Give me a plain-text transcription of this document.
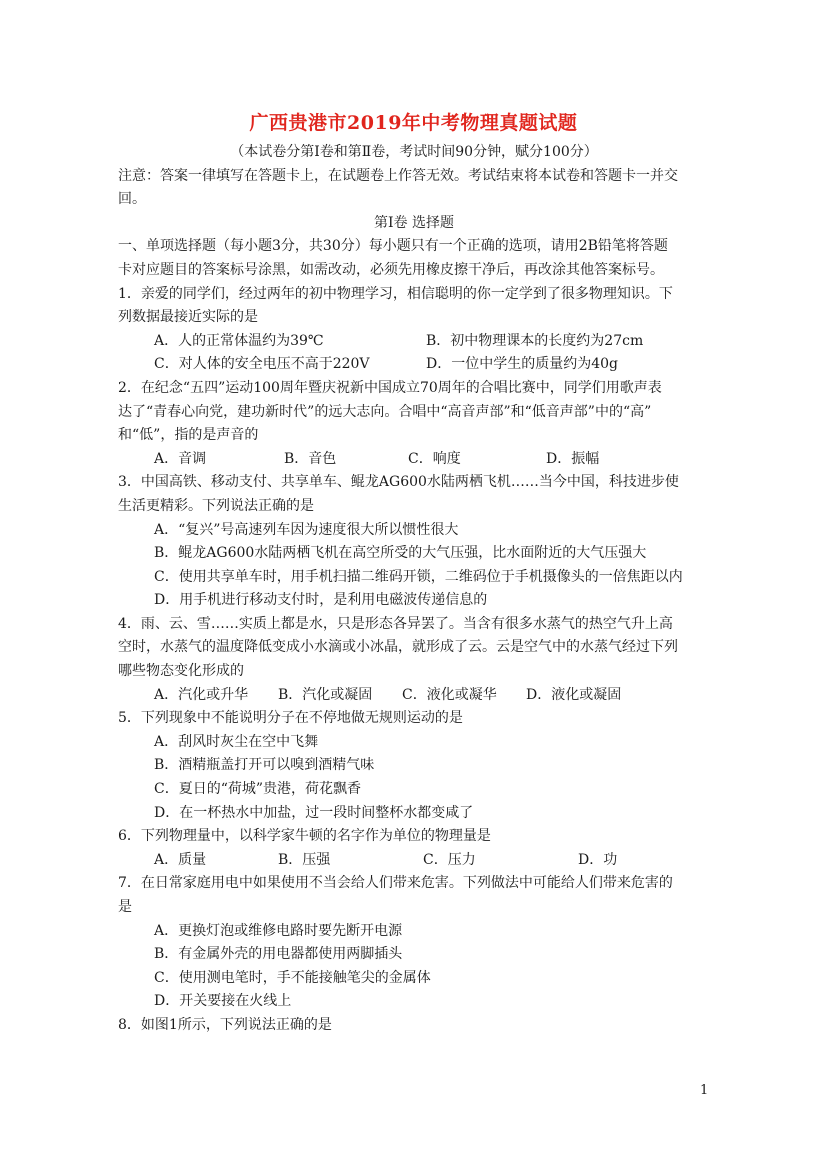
广西贵港市2019年中考物理真题试题
（本试卷分第Ⅰ卷和第Ⅱ卷，考试时间90分钟，赋分100分）
注意：答案一律填写在答题卡上，在试题卷上作答无效。考试结束将本试卷和答题卡一并交
回。
第Ⅰ卷 选择题
一、单项选择题（每小题3分，共30分）每小题只有一个正确的选项，请用2B铅笔将答题
卡对应题目的答案标号涂黑，如需改动，必须先用橡皮擦干净后，再改涂其他答案标号。
1．亲爱的同学们，经过两年的初中物理学习，相信聪明的你一定学到了很多物理知识。下
列数据最接近实际的是
A．人的正常体温约为39℃	B．初中物理课本的长度约为27cm
C．对人体的安全电压不高于220V	D．一位中学生的质量约为40g
2．在纪念“五四”运动100周年暨庆祝新中国成立70周年的合唱比赛中，同学们用歌声表
达了“青春心向党，建功新时代”的远大志向。合唱中“高音声部”和“低音声部”中的“高”
和“低”，指的是声音的
A．音调	B．音色	C．响度	D．振幅
3．中国高铁、移动支付、共享单车、鲲龙AG600水陆两栖飞机……当今中国，科技进步使
生活更精彩。下列说法正确的是
A．“复兴”号高速列车因为速度很大所以惯性很大
B．鲲龙AG600水陆两栖飞机在高空所受的大气压强，比水面附近的大气压强大
C．使用共享单车时，用手机扫描二维码开锁，二维码位于手机摄像头的一倍焦距以内
D．用手机进行移动支付时，是利用电磁波传递信息的
4．雨、云、雪……实质上都是水，只是形态各异罢了。当含有很多水蒸气的热空气升上高
空时，水蒸气的温度降低变成小水滴或小冰晶，就形成了云。云是空气中的水蒸气经过下列
哪些物态变化形成的
A．汽化或升华	B．汽化或凝固	C．液化或凝华	D．液化或凝固
5．下列现象中不能说明分子在不停地做无规则运动的是
A．刮风时灰尘在空中飞舞
B．酒精瓶盖打开可以嗅到酒精气味
C．夏日的“荷城”贵港，荷花飘香
D．在一杯热水中加盐，过一段时间整杯水都变咸了
6．下列物理量中，以科学家牛顿的名字作为单位的物理量是
A．质量	B．压强	C．压力	D．功
7．在日常家庭用电中如果使用不当会给人们带来危害。下列做法中可能给人们带来危害的
是
A．更换灯泡或维修电路时要先断开电源
B．有金属外壳的用电器都使用两脚插头
C．使用测电笔时，手不能接触笔尖的金属体
D．开关要接在火线上
8．如图1所示，下列说法正确的是
1
